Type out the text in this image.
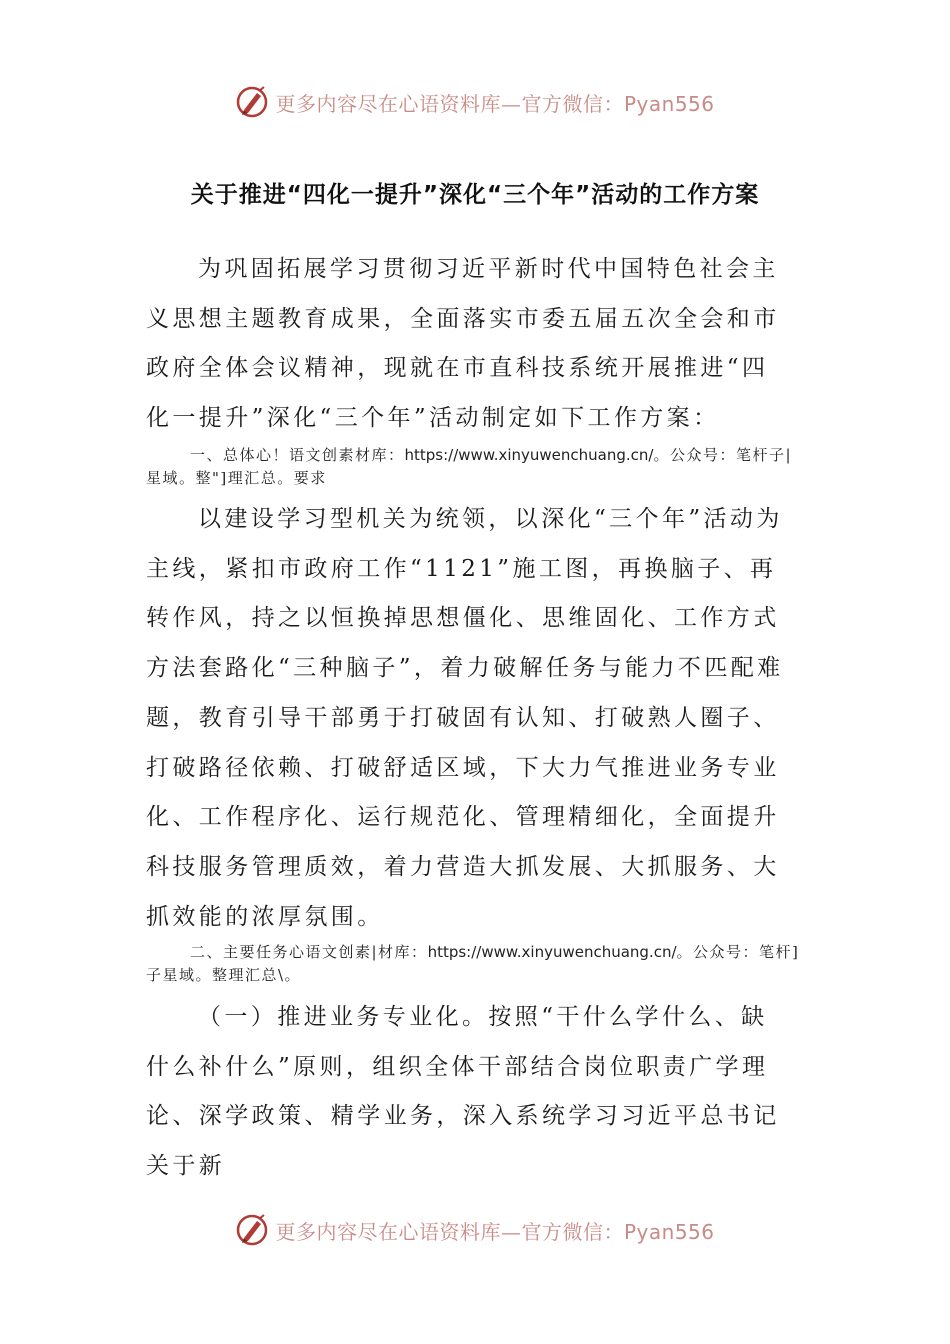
更多内容尽在心语资料库—官方微信：Pyan556
关于推进“四化一提升”深化“三个年”活动的工作方案

为巩固拓展学习贯彻习近平新时代中国特色社会主义思想主题教育成果，全面落实市委五届五次全会和市政府全体会议精神，现就在市直科技系统开展推进“四化一提升”深化“三个年”活动制定如下工作方案：

一、总体心！语文创素材库：https://www.xinyuwenchuang.cn/。公众号：笔杆子|星域。整"]理汇总。要求

以建设学习型机关为统领，以深化“三个年”活动为主线，紧扣市政府工作“1121”施工图，再换脑子、再转作风，持之以恒换掉思想僵化、思维固化、工作方式方法套路化“三种脑子”，着力破解任务与能力不匹配难题，教育引导干部勇于打破固有认知、打破熟人圈子、打破路径依赖、打破舒适区域，下大力气推进业务专业化、工作程序化、运行规范化、管理精细化，全面提升科技服务管理质效，着力营造大抓发展、大抓服务、大抓效能的浓厚氛围。

二、主要任务心语文创素|材库：https://www.xinyuwenchuang.cn/。公众号：笔杆]子星域。整理汇总\。

（一）推进业务专业化。按照“干什么学什么、缺什么补什么”原则，组织全体干部结合岗位职责广学理论、深学政策、精学业务，深入系统学习习近平总书记关于新

更多内容尽在心语资料库—官方微信：Pyan556
